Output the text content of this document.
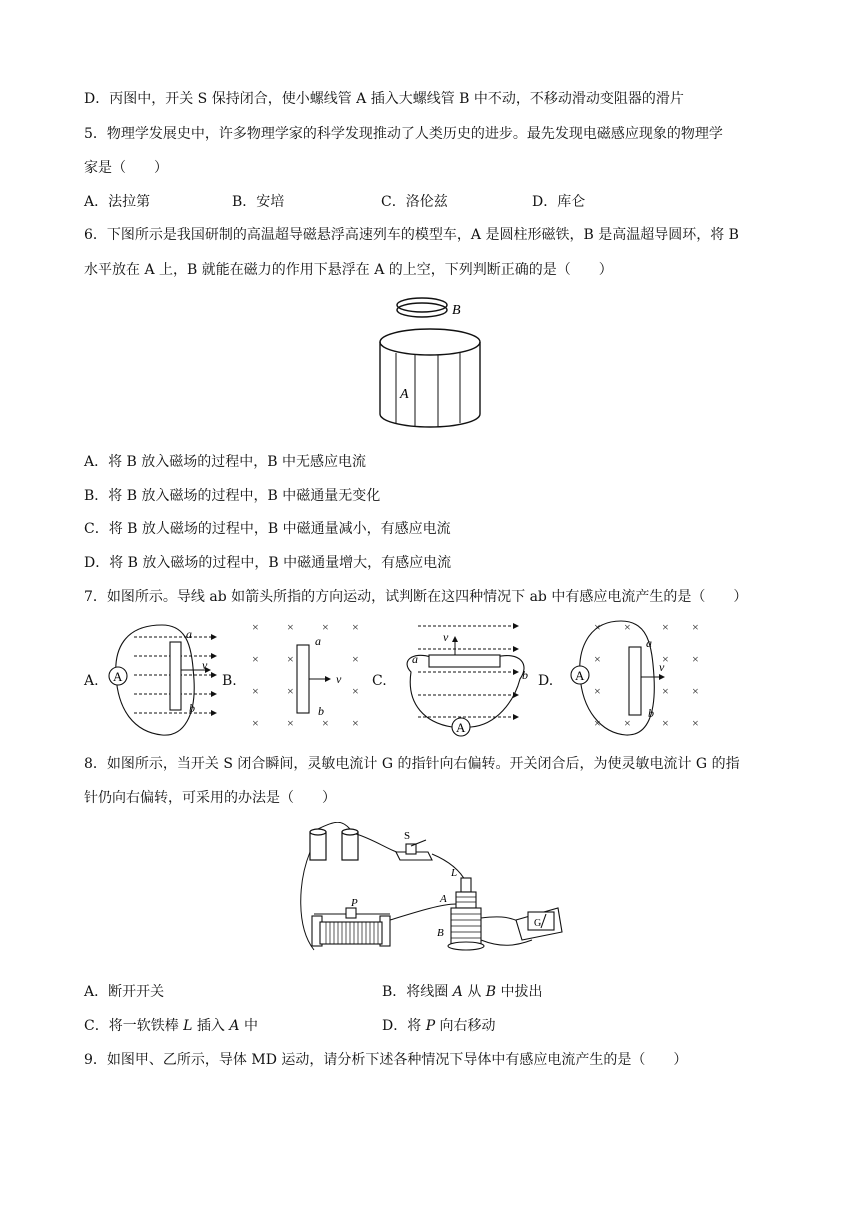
D．丙图中，开关 S 保持闭合，使小螺线管 A 插入大螺线管 B 中不动，不移动滑动变阻器的滑片
5．物理学发展史中，许多物理学家的科学发现推动了人类历史的进步。最先发现电磁感应现象的物理学
家是（　　）
A．法拉第	B．安培	C．洛伦兹	D．库仑
6．下图所示是我国研制的高温超导磁悬浮高速列车的模型车，A 是圆柱形磁铁，B 是高温超导圆环，将 B
水平放在 A 上，B 就能在磁力的作用下悬浮在 A 的上空，下列判断正确的是（　　）
B
A
A．将 B 放入磁场的过程中，B 中无感应电流
B．将 B 放入磁场的过程中，B 中磁通量无变化
C．将 B 放人磁场的过程中，B 中磁通量减小，有感应电流
D．将 B 放入磁场的过程中，B 中磁通量增大，有感应电流
7．如图所示。导线 ab 如箭头所指的方向运动，试判断在这四种情况下 ab 中有感应电流产生的是（　　）
A.	B.	C.	D.
A
a
v
b
× × × ×
× ×	×
× ×	×
× × × ×
a
v
b
A
v
a
b
× ×	× ×
×	× ×
×	× ×
× ×	× ×
A
a
v
b
8．如图所示，当开关 S 闭合瞬间，灵敏电流计 G 的指针向右偏转。开关闭合后，为使灵敏电流计 G 的指
针仍向右偏转，可采用的办法是（　　）
S
P
L
A
B
G
A．断开开关	B．将线圈 A 从 B 中拔出
C．将一软铁棒 L 插入 A 中	D．将 P 向右移动
9．如图甲、乙所示，导体 MD 运动，请分析下述各种情况下导体中有感应电流产生的是（　　）
